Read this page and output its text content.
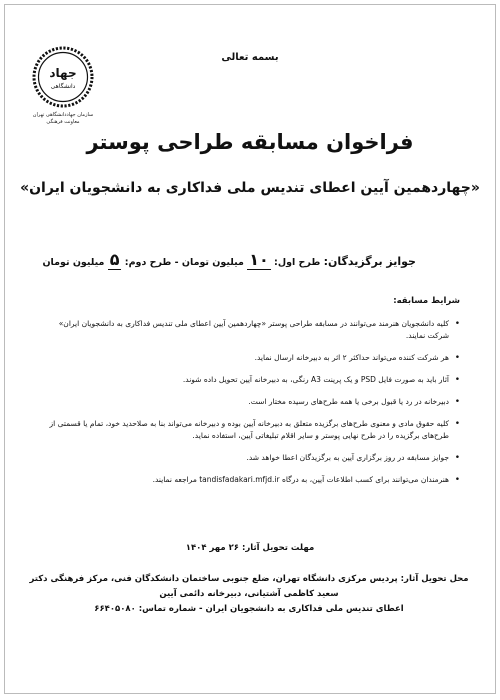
جهاد
دانشگاهی
سازمان جهاددانشگاهی تهران
معاونت فرهنگی
بسمه تعالی
فراخوان مسابقه طراحی پوستر
«چهاردهمین آیین اعطای تندیس ملی فداکاری به دانشجویان ایران»
جوایز برگزیدگان: طرح اول: ۱۰ میلیون تومان - طرح دوم: ۵ میلیون تومان
شرایط مسابقه:
•
کلیه دانشجویان هنرمند می‌توانند در مسابقه طراحی پوستر «چهاردهمین آیین اعطای ملی تندیس فداکاری به دانشجویان ایران» شرکت نمایند.
•
هر شرکت کننده می‌تواند حداکثر ۲ اثر به دبیرخانه ارسال نماید.
•
آثار باید به صورت فایل PSD و یک پرینت A3 رنگی، به دبیرخانه آیین تحویل داده شوند.
•
دبیرخانه در رد یا قبول برخی یا همه طرح‌های رسیده مختار است.
•
کلیه حقوق مادی و معنوی طرح‌های برگزیده متعلق به دبیرخانه آیین بوده و دبیرخانه می‌تواند بنا به صلاحدید خود، تمام یا قسمتی از طرح‌های برگزیده را در طرح نهایی پوستر و سایر اقلام تبلیغاتی آیین، استفاده نماید.
•
جوایز مسابقه در روز برگزاری آیین به برگزیدگان اعطا خواهد شد.
•
هنرمندان می‌توانند برای کسب اطلاعات آیین، به درگاه tandisfadakari.mfjd.ir مراجعه نمایند.
مهلت تحویل آثار: ۲۶ مهر ۱۴۰۴
محل تحویل آثار: پردیس مرکزی دانشگاه تهران، ضلع جنوبی ساختمان دانشکدگان فنی، مرکز فرهنگی دکتر سعید کاظمی آشتیانی، دبیرخانه دائمی آیین
اعطای تندیس ملی فداکاری به دانشجویان ایران - شماره تماس: ۶۶۴۰۵۰۸۰
